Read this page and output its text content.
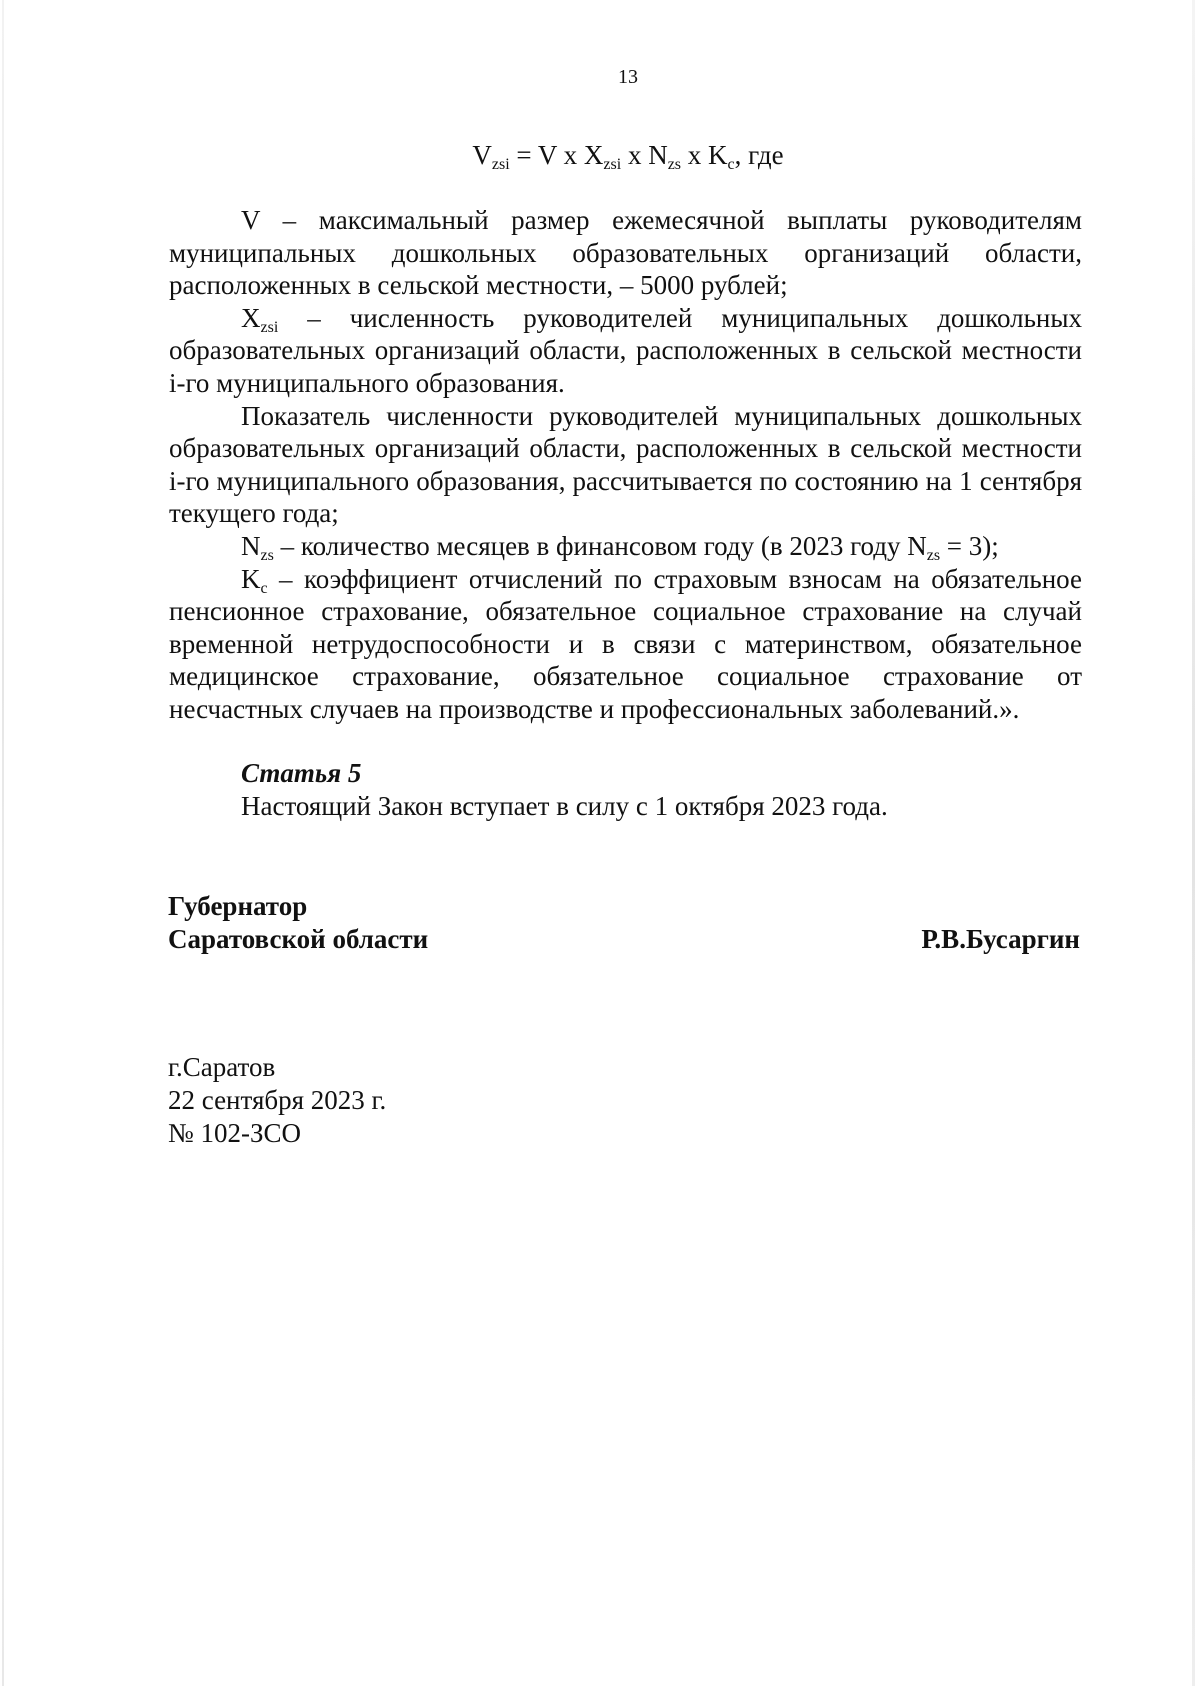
13
$V_{zsi} = V$ x $X_{zsi}$ x $N_{zs}$ x $K_c$, где

V – максимальный размер ежемесячной выплаты руководителям муниципальных дошкольных образовательных организаций области, расположенных в сельской местности, – 5000 рублей;

$X_{zsi}$ – численность руководителей муниципальных дошкольных образовательных организаций области, расположенных в сельской местности i-го муниципального образования.

Показатель численности руководителей муниципальных дошкольных образовательных организаций области, расположенных в сельской местности i-го муниципального образования, рассчитывается по состоянию на 1 сентября текущего года;

$N_{zs}$ – количество месяцев в финансовом году (в 2023 году $N_{zs} = 3$);

$K_c$ – коэффициент отчислений по страховым взносам на обязательное пенсионное страхование, обязательное социальное страхование на случай временной нетрудоспособности и в связи с материнством, обязательное медицинское страхование, обязательное социальное страхование от несчастных случаев на производстве и профессиональных заболеваний.».

Статья 5
Настоящий Закон вступает в силу с 1 октября 2023 года.
Губернатор
Саратовской области	Р.В.Бусаргин
г.Саратов
22 сентября 2023 г.
№ 102-ЗСО
